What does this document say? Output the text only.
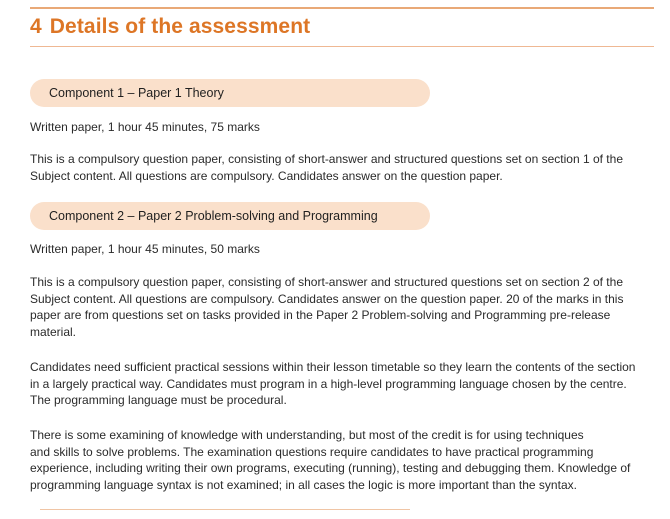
4 Details of the assessment
Component 1 – Paper 1 Theory
Written paper, 1 hour 45 minutes, 75 marks
This is a compulsory question paper, consisting of short-answer and structured questions set on section 1 of the
Subject content. All questions are compulsory. Candidates answer on the question paper.
Component 2 – Paper 2 Problem-solving and Programming
Written paper, 1 hour 45 minutes, 50 marks
This is a compulsory question paper, consisting of short-answer and structured questions set on section 2 of the
Subject content. All questions are compulsory. Candidates answer on the question paper. 20 of the marks in this
paper are from questions set on tasks provided in the Paper 2 Problem-solving and Programming pre-release
material.
Candidates need sufficient practical sessions within their lesson timetable so they learn the contents of the section
in a largely practical way. Candidates must program in a high-level programming language chosen by the centre.
The programming language must be procedural.
There is some examining of knowledge with understanding, but most of the credit is for using techniques
and skills to solve problems. The examination questions require candidates to have practical programming
experience, including writing their own programs, executing (running), testing and debugging them. Knowledge of
programming language syntax is not examined; in all cases the logic is more important than the syntax.
